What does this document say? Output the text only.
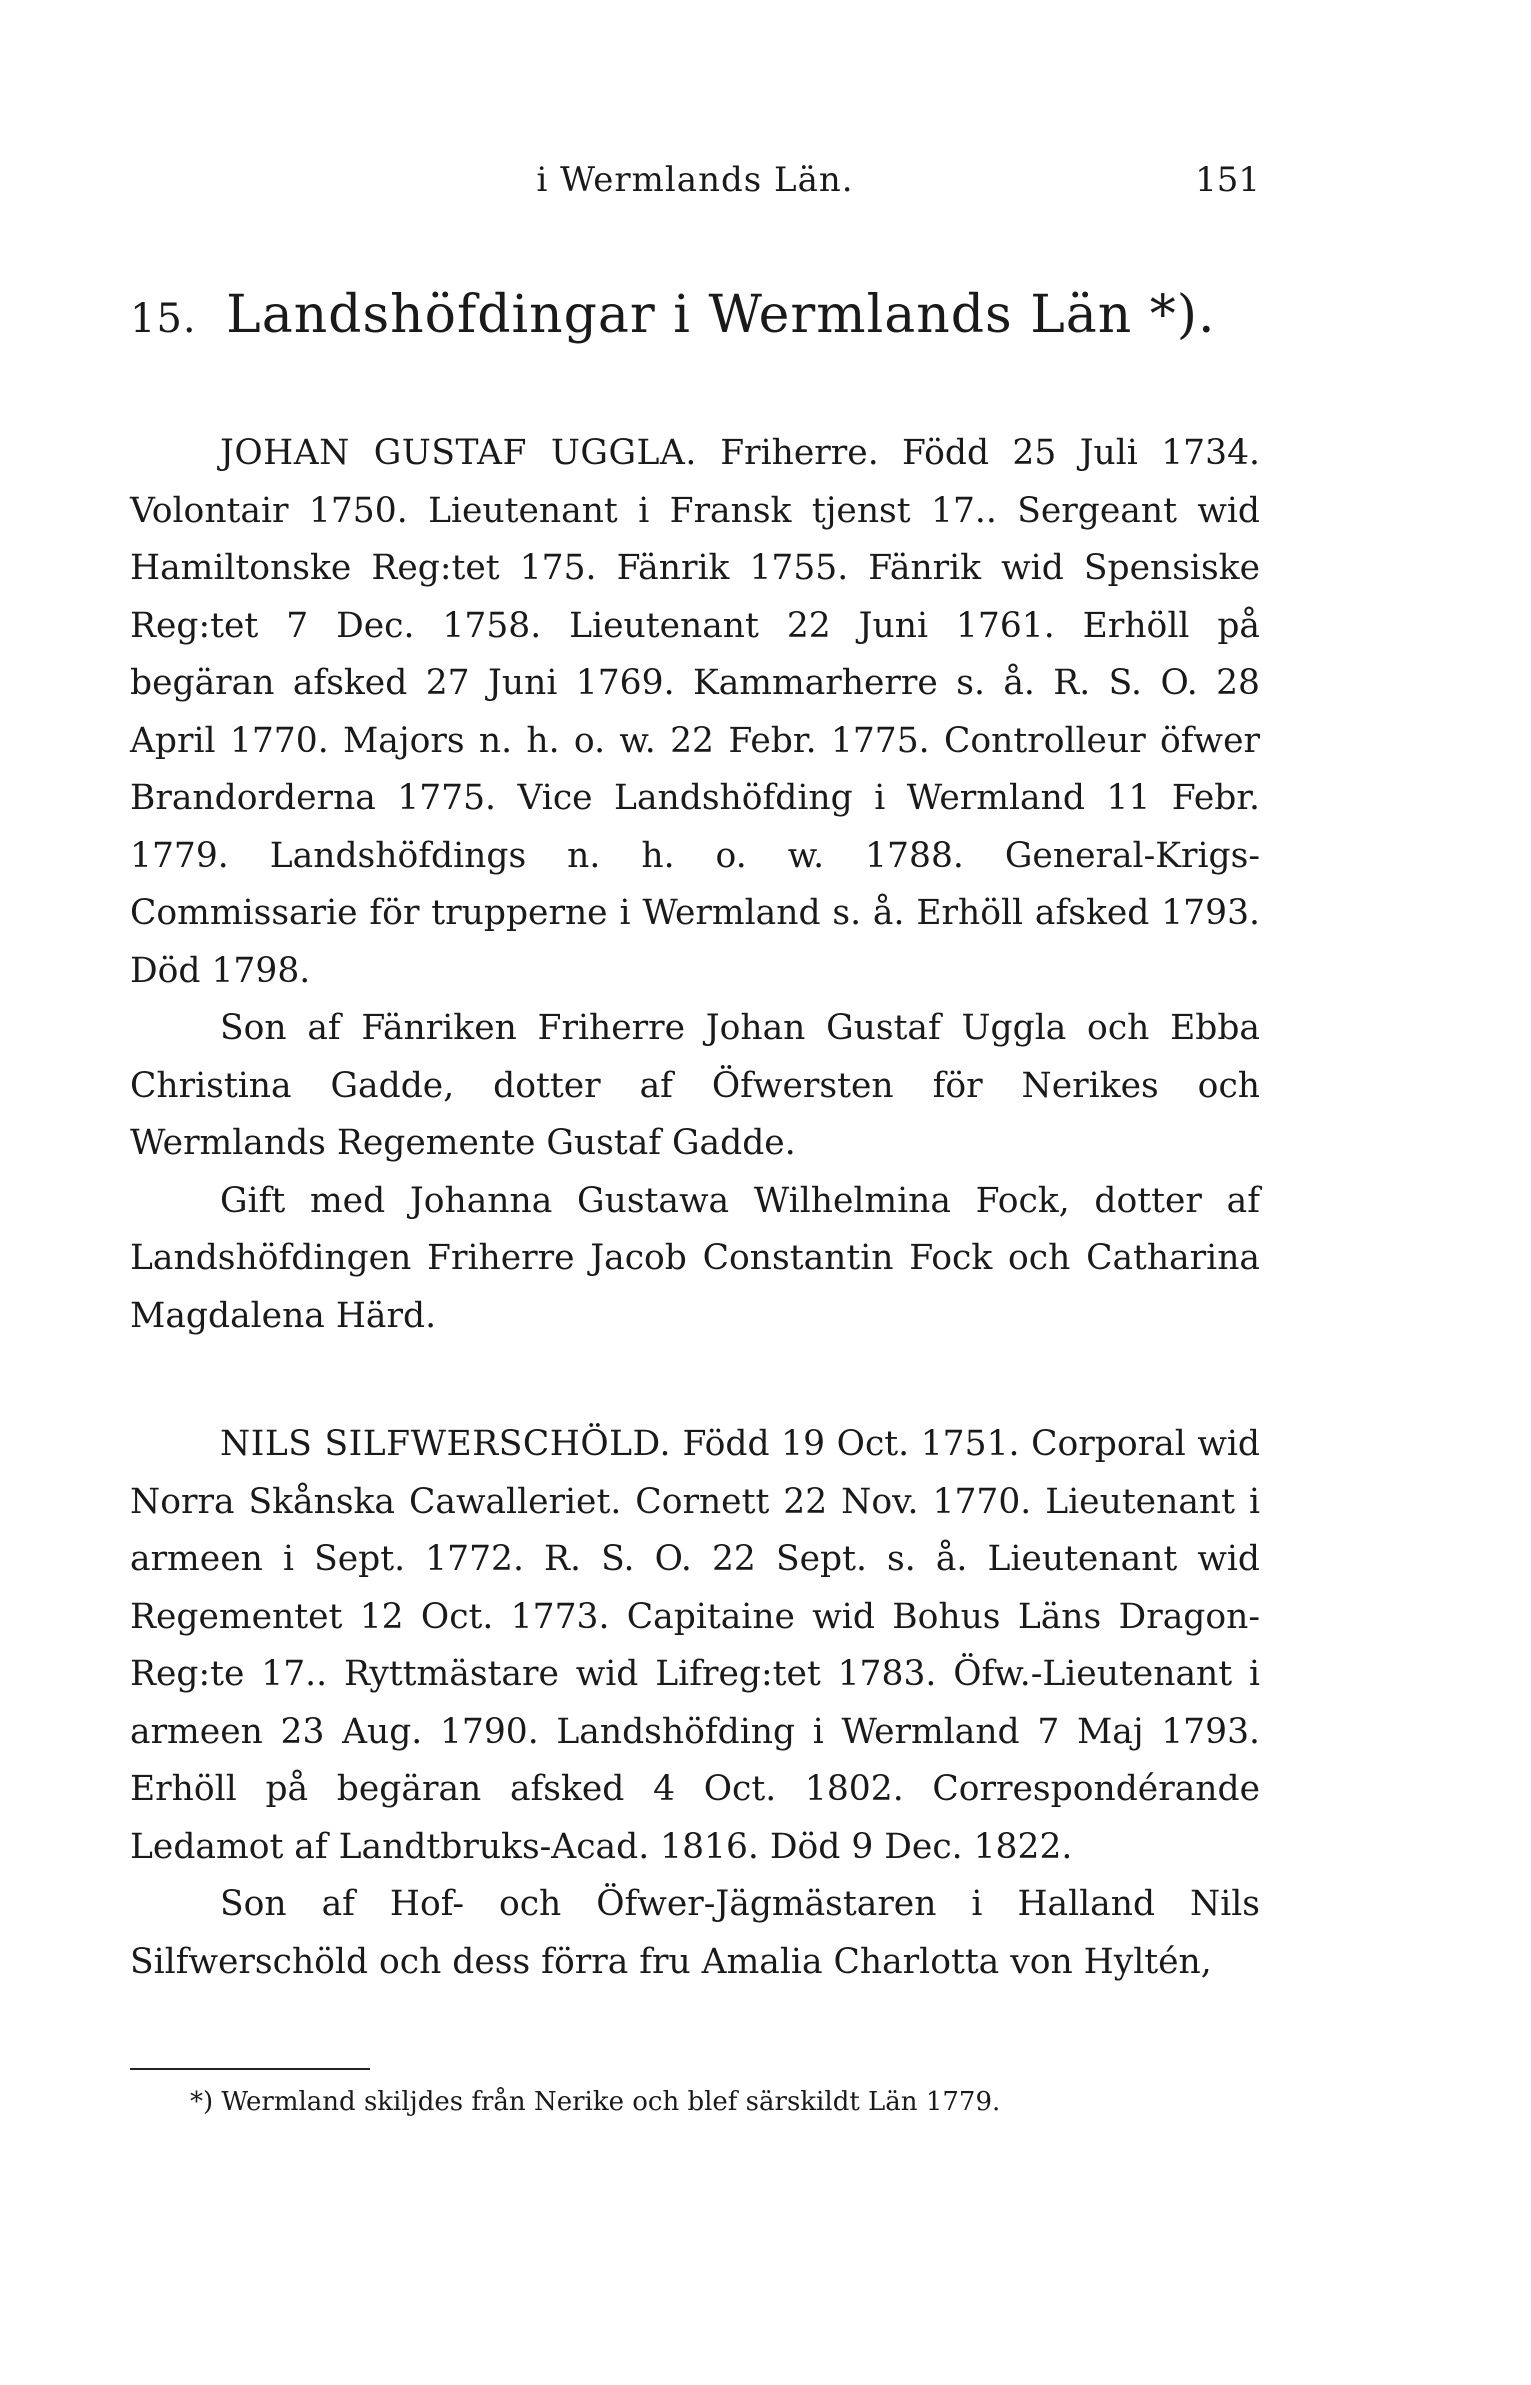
i Wermlands Län.	151
15. Landshöfdingar i Wermlands Län *).

JOHAN GUSTAF UGGLA. Friherre. Född 25 Juli 1734. Volontair 1750. Lieutenant i Fransk tjenst 17.. Sergeant wid Hamiltonske Reg:tet 175. Fänrik 1755. Fänrik wid Spensiske Reg:tet 7 Dec. 1758. Lieutenant 22 Juni 1761. Erhöll på begäran afsked 27 Juni 1769. Kammarherre s. å. R. S. O. 28 April 1770. Majors n. h. o. w. 22 Febr. 1775. Controlleur öfwer Brandorderna 1775. Vice Landshöfding i Wermland 11 Febr. 1779. Landshöfdings n. h. o. w. 1788. General-Krigs-Commissarie för trupperne i Wermland s. å. Erhöll afsked 1793. Död 1798.

Son af Fänriken Friherre Johan Gustaf Uggla och Ebba Christina Gadde, dotter af Öfwersten för Nerikes och Wermlands Regemente Gustaf Gadde.

Gift med Johanna Gustawa Wilhelmina Fock, dotter af Landshöfdingen Friherre Jacob Constantin Fock och Catharina Magdalena Härd.

NILS SILFWERSCHÖLD. Född 19 Oct. 1751. Corporal wid Norra Skånska Cawalleriet. Cornett 22 Nov. 1770. Lieutenant i armeen i Sept. 1772. R. S. O. 22 Sept. s. å. Lieutenant wid Regementet 12 Oct. 1773. Capitaine wid Bohus Läns Dragon-Reg:te 17.. Ryttmästare wid Lifreg:tet 1783. Öfw.-Lieutenant i armeen 23 Aug. 1790. Landshöfding i Wermland 7 Maj 1793. Erhöll på begäran afsked 4 Oct. 1802. Correspondérande Ledamot af Landtbruks-Acad. 1816. Död 9 Dec. 1822.

Son af Hof- och Öfwer-Jägmästaren i Halland Nils Silfwerschöld och dess förra fru Amalia Charlotta von Hyltén,

*) Wermland skiljdes från Nerike och blef särskildt Län 1779.
